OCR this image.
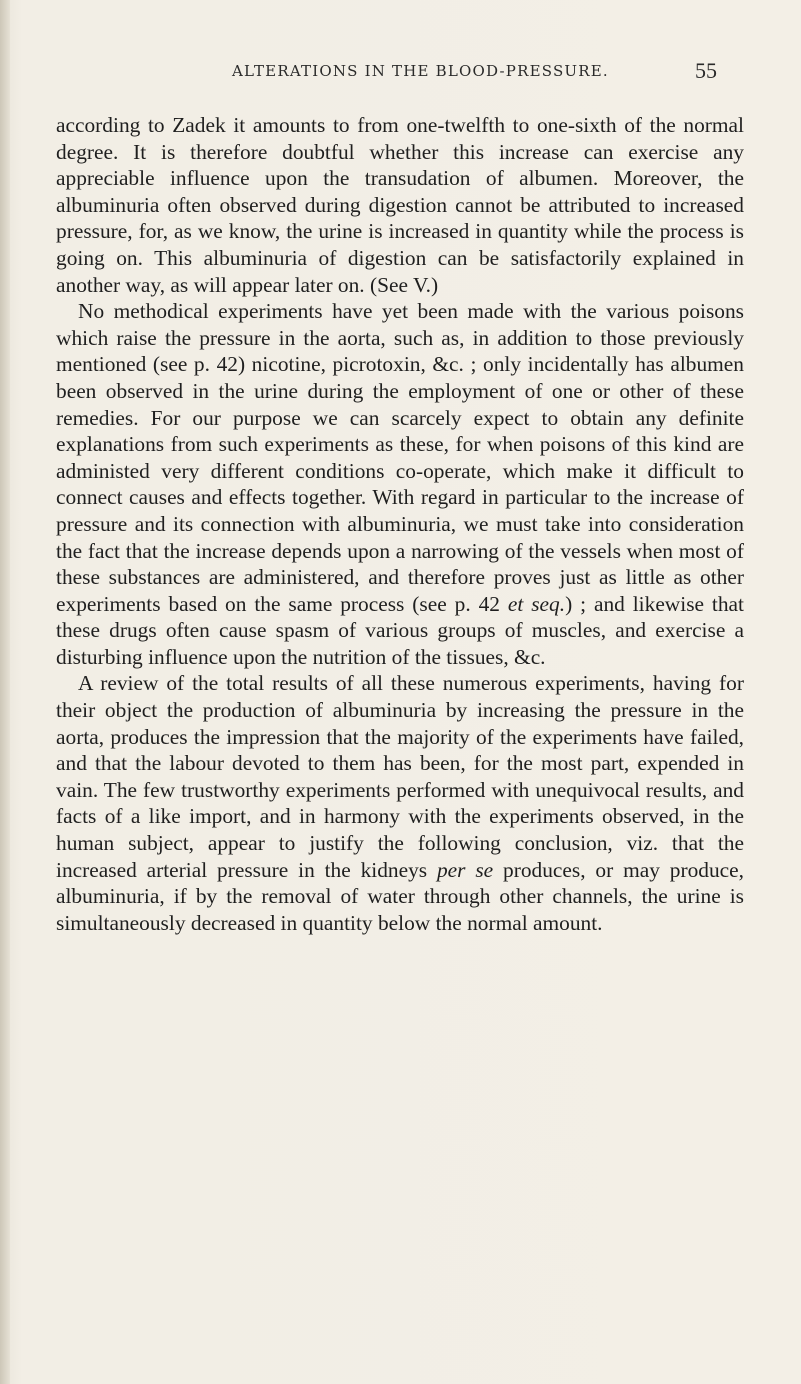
ALTERATIONS IN THE BLOOD-PRESSURE.	55

according to Zadek it amounts to from one-twelfth to one-sixth of the normal degree. It is therefore doubtful whether this increase can exercise any appreciable influence upon the transudation of albumen. Moreover, the albuminuria often observed during digestion cannot be attributed to increased pressure, for, as we know, the urine is increased in quantity while the process is going on. This albuminuria of digestion can be satisfactorily explained in another way, as will appear later on. (See V.)

No methodical experiments have yet been made with the various poisons which raise the pressure in the aorta, such as, in addition to those previously mentioned (see p. 42) nicotine, picrotoxin, &c. ; only incidentally has albumen been observed in the urine during the employment of one or other of these remedies. For our purpose we can scarcely expect to obtain any definite explanations from such experiments as these, for when poisons of this kind are administed very different conditions co-operate, which make it difficult to connect causes and effects together. With regard in particular to the increase of pressure and its connection with albuminuria, we must take into consideration the fact that the increase depends upon a narrowing of the vessels when most of these substances are administered, and therefore proves just as little as other experiments based on the same process (see p. 42 et seq.) ; and likewise that these drugs often cause spasm of various groups of muscles, and exercise a disturbing influence upon the nutrition of the tissues, &c.

A review of the total results of all these numerous experiments, having for their object the production of albuminuria by increasing the pressure in the aorta, produces the impression that the majority of the experiments have failed, and that the labour devoted to them has been, for the most part, expended in vain. The few trustworthy experiments performed with unequivocal results, and facts of a like import, and in harmony with the experiments observed, in the human subject, appear to justify the following conclusion, viz. that the increased arterial pressure in the kidneys per se produces, or may produce, albuminuria, if by the removal of water through other channels, the urine is simultaneously decreased in quantity below the normal amount.
